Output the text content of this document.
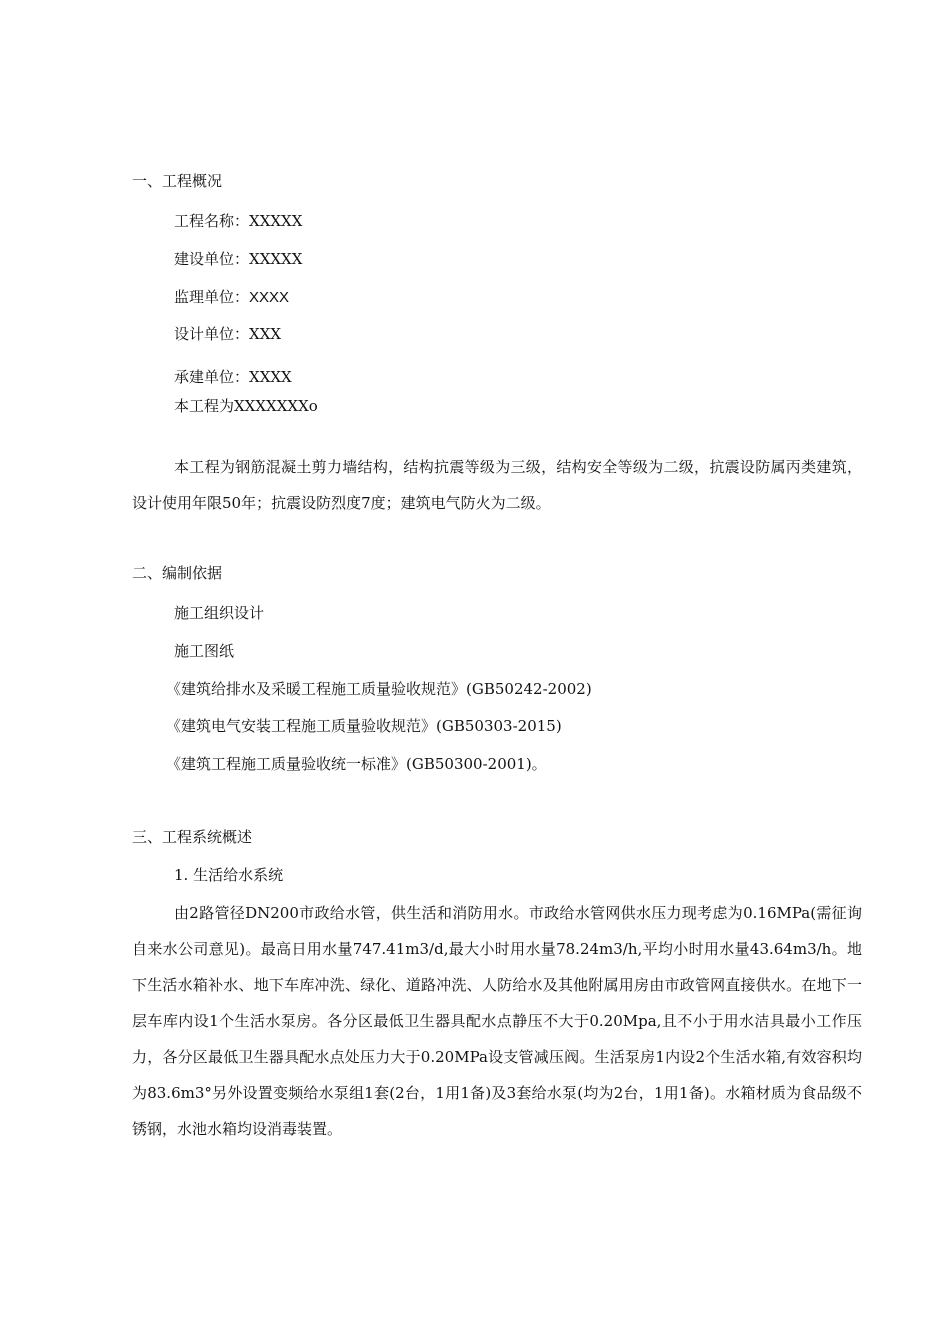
一、工程概况
工程名称：XXXXX
建设单位：XXXXX
监理单位：XXXX
设计单位：XXX
承建单位：XXXX
本工程为XXXXXXXo
本工程为钢筋混凝土剪力墙结构，结构抗震等级为三级，结构安全等级为二级，抗震设防属丙类建筑，设计使用年限50年；抗震设防烈度7度；建筑电气防火为二级。
二、编制依据
施工组织设计
施工图纸
《建筑给排水及采暖工程施工质量验收规范》(GB50242-2002)
《建筑电气安装工程施工质量验收规范》(GB50303-2015)
《建筑工程施工质量验收统一标准》(GB50300-2001)。
三、工程系统概述
1. 生活给水系统
由2路管径DN200市政给水管，供生活和消防用水。市政给水管网供水压力现考虑为0.16MPa(需征询自来水公司意见)。最高日用水量747.41m3/d,最大小时用水量78.24m3/h,平均小时用水量43.64m3/h。地下生活水箱补水、地下车库冲洗、绿化、道路冲洗、人防给水及其他附属用房由市政管网直接供水。在地下一层车库内设1个生活水泵房。各分区最低卫生器具配水点静压不大于0.20Mpa,且不小于用水洁具最小工作压力，各分区最低卫生器具配水点处压力大于0.20MPa设支管减压阀。生活泵房1内设2个生活水箱,有效容积均为83.6m3°另外设置变频给水泵组1套(2台，1用1备)及3套给水泵(均为2台，1用1备)。水箱材质为食品级不锈钢，水池水箱均设消毒装置。
